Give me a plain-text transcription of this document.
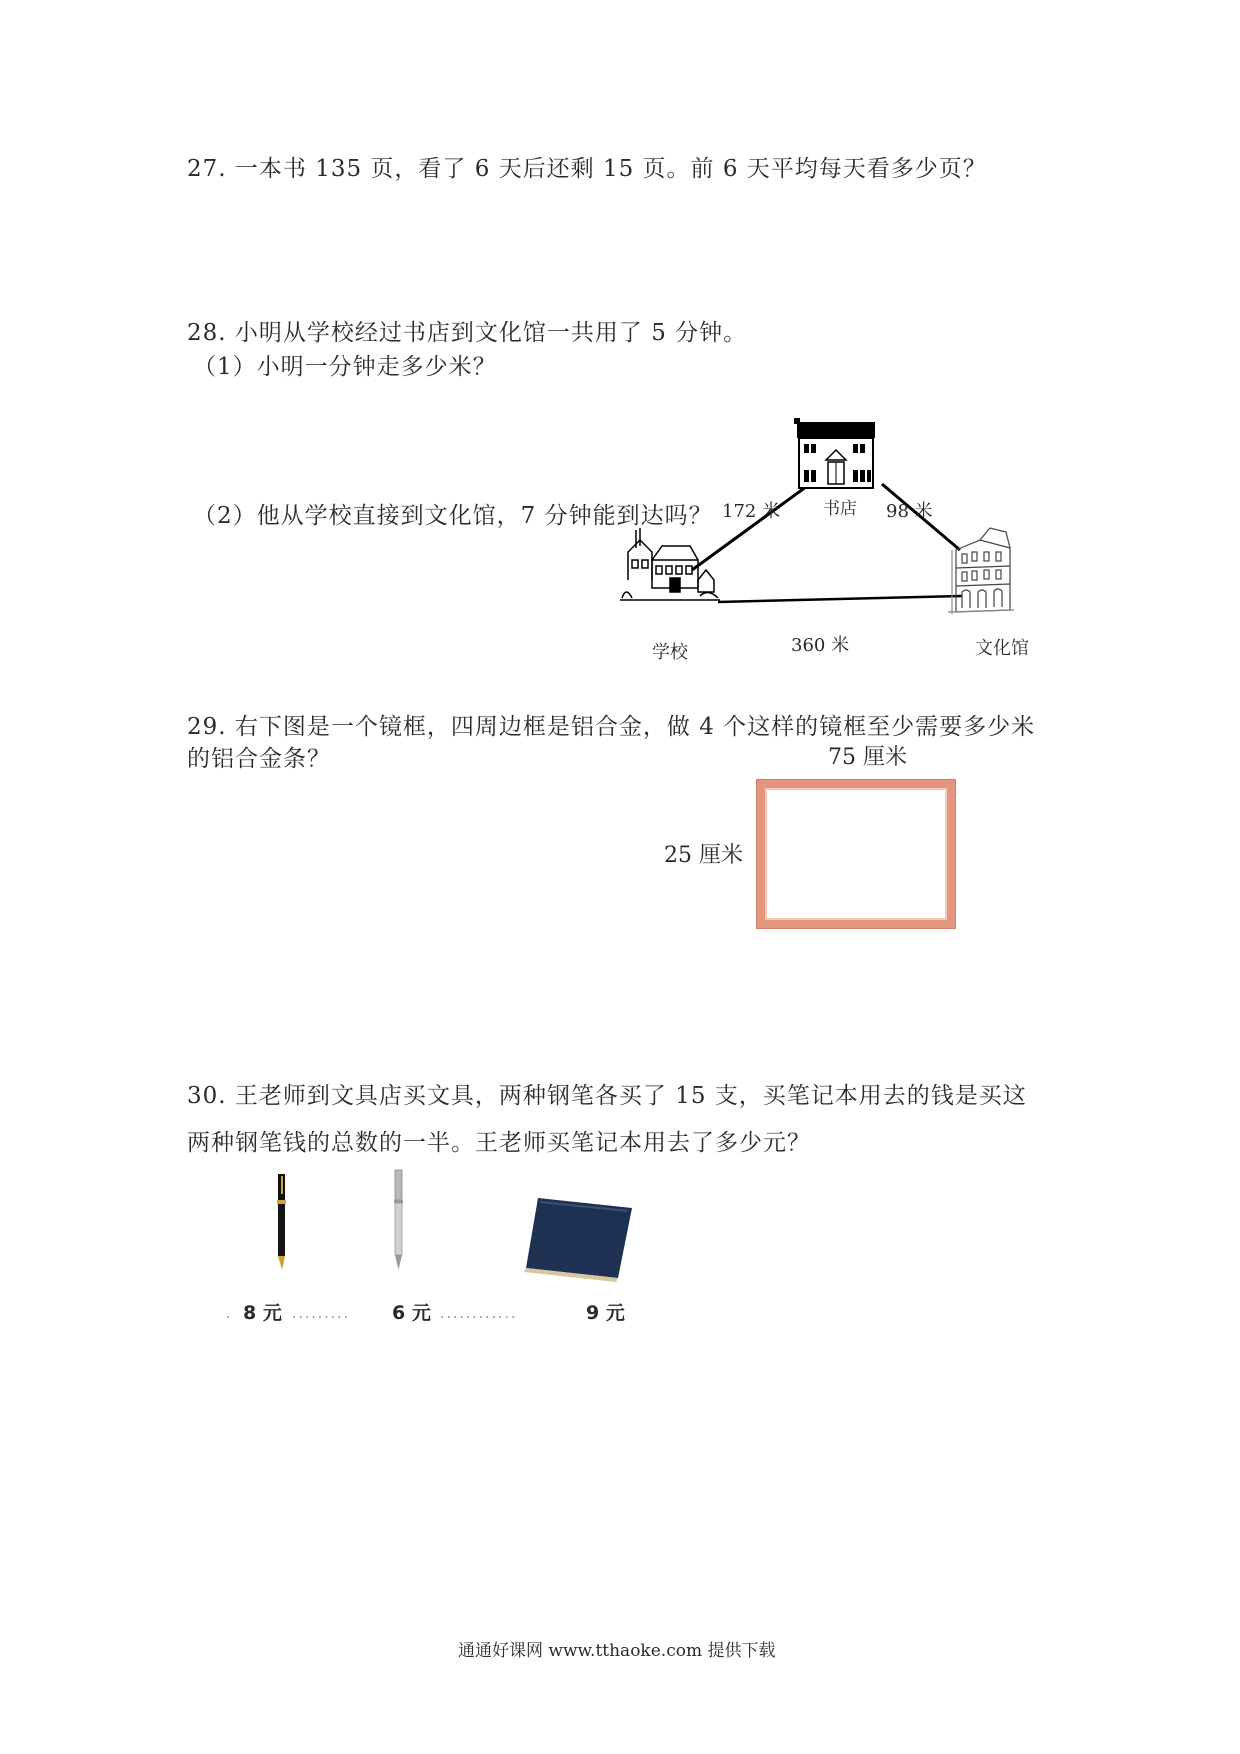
27. 一本书 135 页，看了 6 天后还剩 15 页。前 6 天平均每天看多少页？
28. 小明从学校经过书店到文化馆一共用了 5 分钟。
（1）小明一分钟走多少米？
（2）他从学校直接到文化馆，7 分钟能到达吗？ 172 米	98 米
书店
学校	360 米	文化馆
29. 右下图是一个镜框，四周边框是铝合金，做 4 个这样的镜框至少需要多少米
的铝合金条？	75 厘米
25 厘米
30. 王老师到文具店买文具，两种钢笔各买了 15 支，买笔记本用去的钱是买这
两种钢笔钱的总数的一半。王老师买笔记本用去了多少元？
8 元	6 元	9 元
.	.........	............
通通好课网 www.tthaoke.com 提供下载
